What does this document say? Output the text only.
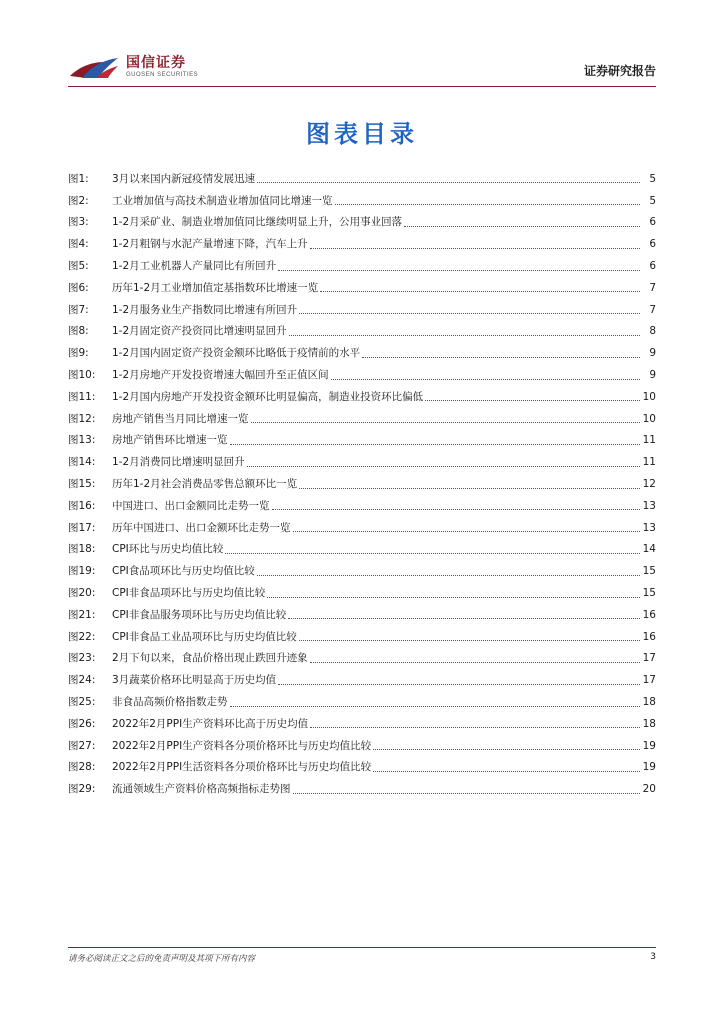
国信证券
GUOSEN SECURITIES	证券研究报告
图表目录
图1:	3月以来国内新冠疫情发展迅速	5
图2:	工业增加值与高技术制造业增加值同比增速一览	5
图3:	1-2月采矿业、制造业增加值同比继续明显上升，公用事业回落	6
图4:	1-2月粗钢与水泥产量增速下降，汽车上升	6
图5:	1-2月工业机器人产量同比有所回升	6
图6:	历年1-2月工业增加值定基指数环比增速一览	7
图7:	1-2月服务业生产指数同比增速有所回升	7
图8:	1-2月固定资产投资同比增速明显回升	8
图9:	1-2月国内固定资产投资金额环比略低于疫情前的水平	9
图10:	1-2月房地产开发投资增速大幅回升至正值区间	9
图11:	1-2月国内房地产开发投资金额环比明显偏高，制造业投资环比偏低	10
图12:	房地产销售当月同比增速一览	10
图13:	房地产销售环比增速一览	11
图14:	1-2月消费同比增速明显回升	11
图15:	历年1-2月社会消费品零售总额环比一览	12
图16:	中国进口、出口金额同比走势一览	13
图17:	历年中国进口、出口金额环比走势一览	13
图18:	CPI环比与历史均值比较	14
图19:	CPI食品项环比与历史均值比较	15
图20:	CPI非食品项环比与历史均值比较	15
图21:	CPI非食品服务项环比与历史均值比较	16
图22:	CPI非食品工业品项环比与历史均值比较	16
图23:	2月下旬以来，食品价格出现止跌回升迹象	17
图24:	3月蔬菜价格环比明显高于历史均值	17
图25:	非食品高频价格指数走势	18
图26:	2022年2月PPI生产资料环比高于历史均值	18
图27:	2022年2月PPI生产资料各分项价格环比与历史均值比较	19
图28:	2022年2月PPI生活资料各分项价格环比与历史均值比较	19
图29:	流通领域生产资料价格高频指标走势图	20
请务必阅读正文之后的免责声明及其项下所有内容	3
